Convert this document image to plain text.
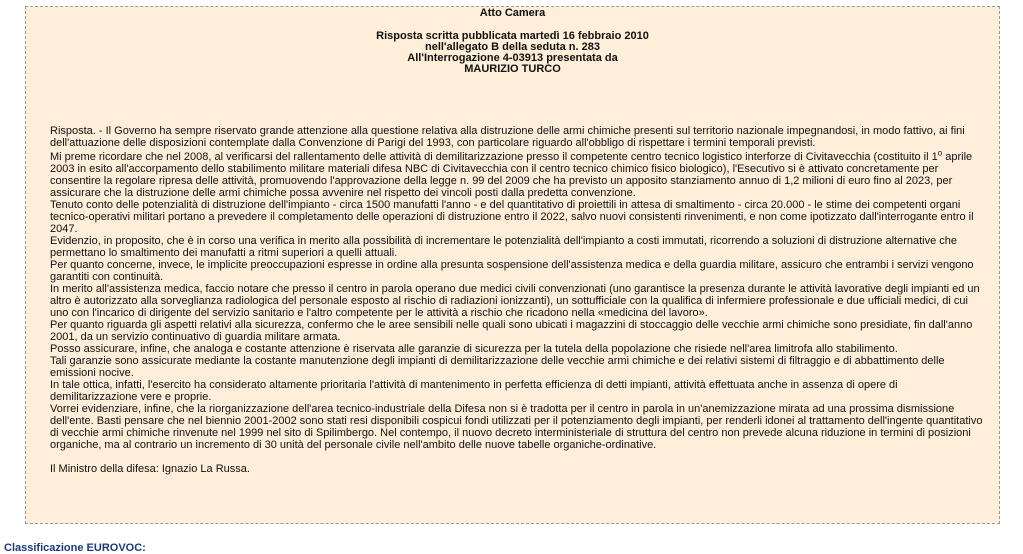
Atto Camera
Risposta scritta pubblicata martedì 16 febbraio 2010
nell'allegato B della seduta n. 283
All'Interrogazione 4-03913 presentata da
MAURIZIO TURCO

Risposta. - Il Governo ha sempre riservato grande attenzione alla questione relativa alla distruzione delle armi chimiche presenti sul territorio nazionale impegnandosi, in modo fattivo, ai fini dell'attuazione delle disposizioni contemplate dalla Convenzione di Parigi del 1993, con particolare riguardo all'obbligo di rispettare i termini temporali previsti.

Mi preme ricordare che nel 2008, al verificarsi del rallentamento delle attività di demilitarizzazione presso il competente centro tecnico logistico interforze di Civitavecchia (costituito il 1$^o$ aprile 2003 in esito all'accorpamento dello stabilimento militare materiali difesa NBC di Civitavecchia con il centro tecnico chimico fisico biologico), l'Esecutivo si è attivato concretamente per consentire la regolare ripresa delle attività, promuovendo l'approvazione della legge n. 99 del 2009 che ha previsto un apposito stanziamento annuo di 1,2 milioni di euro fino al 2023, per assicurare che la distruzione delle armi chimiche possa avvenire nel rispetto dei vincoli posti dalla predetta convenzione.

Tenuto conto delle potenzialità di distruzione dell'impianto - circa 1500 manufatti l'anno - e del quantitativo di proiettili in attesa di smaltimento - circa 20.000 - le stime dei competenti organi tecnico-operativi militari portano a prevedere il completamento delle operazioni di distruzione entro il 2022, salvo nuovi consistenti rinvenimenti, e non come ipotizzato dall'interrogante entro il 2047.

Evidenzio, in proposito, che è in corso una verifica in merito alla possibilità di incrementare le potenzialità dell'impianto a costi immutati, ricorrendo a soluzioni di distruzione alternative che permettano lo smaltimento dei manufatti a ritmi superiori a quelli attuali.

Per quanto concerne, invece, le implicite preoccupazioni espresse in ordine alla presunta sospensione dell'assistenza medica e della guardia militare, assicuro che entrambi i servizi vengono garantiti con continuità.

In merito all'assistenza medica, faccio notare che presso il centro in parola operano due medici civili convenzionati (uno garantisce la presenza durante le attività lavorative degli impianti ed un altro è autorizzato alla sorveglianza radiologica del personale esposto al rischio di radiazioni ionizzanti), un sottufficiale con la qualifica di infermiere professionale e due ufficiali medici, di cui uno con l'incarico di dirigente del servizio sanitario e l'altro competente per le attività a rischio che ricadono nella «medicina del lavoro».

Per quanto riguarda gli aspetti relativi alla sicurezza, confermo che le aree sensibili nelle quali sono ubicati i magazzini di stoccaggio delle vecchie armi chimiche sono presidiate, fin dall'anno 2001, da un servizio continuativo di guardia militare armata.

Posso assicurare, infine, che analoga e costante attenzione è riservata alle garanzie di sicurezza per la tutela della popolazione che risiede nell'area limitrofa allo stabilimento.

Tali garanzie sono assicurate mediante la costante manutenzione degli impianti di demilitarizzazione delle vecchie armi chimiche e dei relativi sistemi di filtraggio e di abbattimento delle emissioni nocive.

In tale ottica, infatti, l'esercito ha considerato altamente prioritaria l'attività di mantenimento in perfetta efficienza di detti impianti, attività effettuata anche in assenza di opere di demilitarizzazione vere e proprie.

Vorrei evidenziare, infine, che la riorganizzazione dell'area tecnico-industriale della Difesa non si è tradotta per il centro in parola in un'anemizzazione mirata ad una prossima dismissione dell'ente. Basti pensare che nel biennio 2001-2002 sono stati resi disponibili cospicui fondi utilizzati per il potenziamento degli impianti, per renderli idonei al trattamento dell'ingente quantitativo di vecchie armi chimiche rinvenute nel 1999 nel sito di Spilimbergo. Nel contempo, il nuovo decreto interministeriale di struttura del centro non prevede alcuna riduzione in termini di posizioni organiche, ma al contrario un incremento di 30 unità del personale civile nell'ambito delle nuove tabelle organiche-ordinative.

Il Ministro della difesa: Ignazio La Russa.

Classificazione EUROVOC:
